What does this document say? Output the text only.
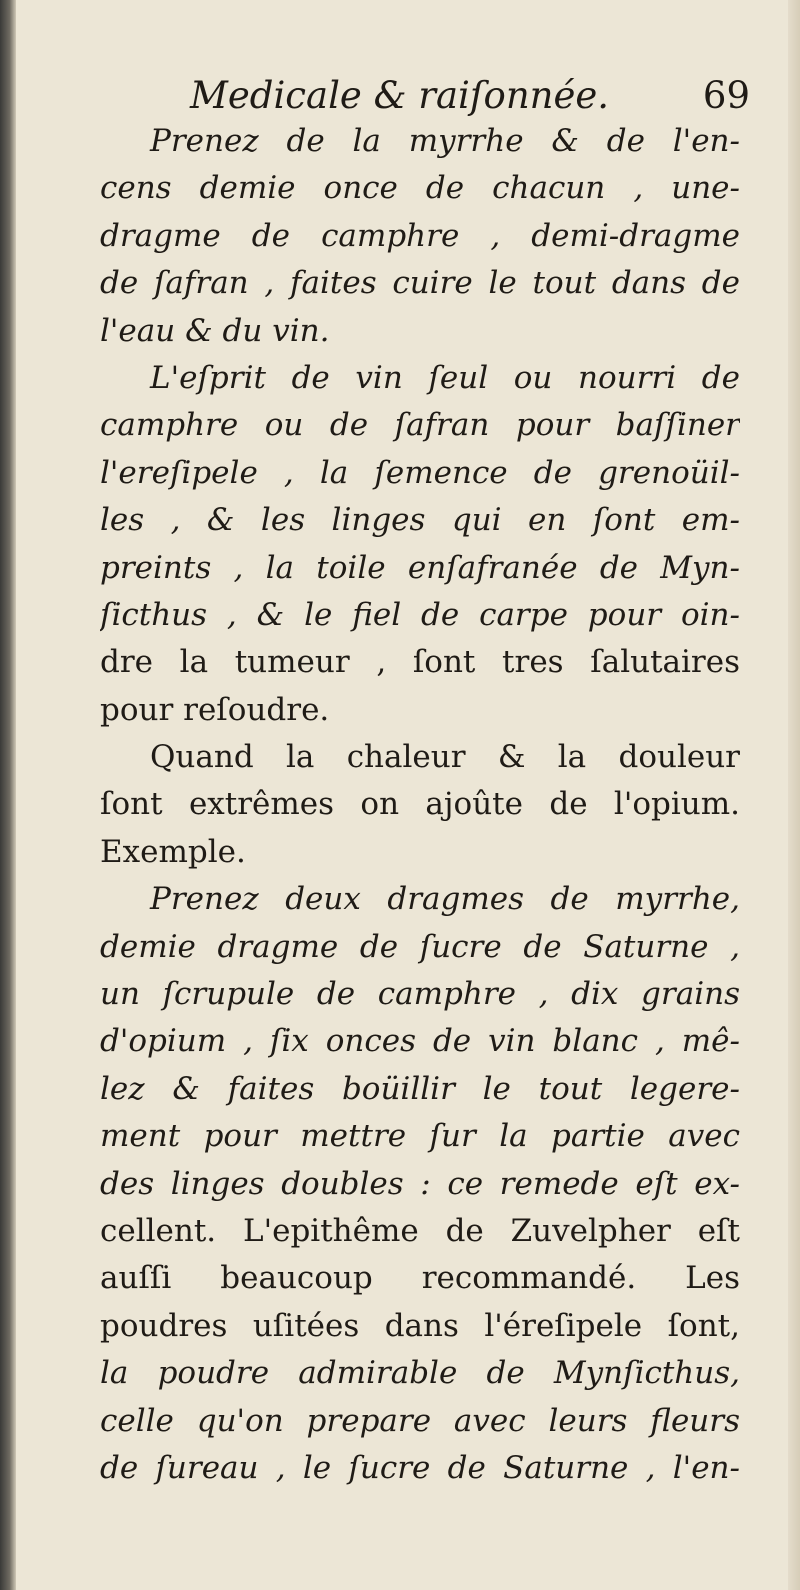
Medicale & raiſonnée.	69
Prenez de la myrrhe & de l'en-
cens demie once de chacun , une-
dragme de camphre , demi-dragme
de ſafran , faites cuire le tout dans de
l'eau & du vin.
L'eſprit de vin ſeul ou nourri de
camphre ou de ſafran pour baſſiner
l'ereſipele , la ſemence de grenoüil-
les , & les linges qui en ſont em-
preints , la toile enſafranée de Myn-
ſicthus , & le fiel de carpe pour oin-
dre la tumeur , ſont tres ſalutaires
pour reſoudre.
Quand la chaleur & la douleur
ſont extrêmes on ajoûte de l'opium.
Exemple.
Prenez deux dragmes de myrrhe,
demie dragme de ſucre de Saturne ,
un ſcrupule de camphre , dix grains
d'opium , ſix onces de vin blanc , mê-
lez & faites boüillir le tout legere-
ment pour mettre ſur la partie avec
des linges doubles : ce remede eſt ex-
cellent. L'epithême de Zuvelpher eſt
auſſi beaucoup recommandé. Les
poudres uſitées dans l'éreſipele ſont,
la poudre admirable de Mynſicthus,
celle qu'on prepare avec leurs fleurs
de ſureau , le ſucre de Saturne , l'en-
